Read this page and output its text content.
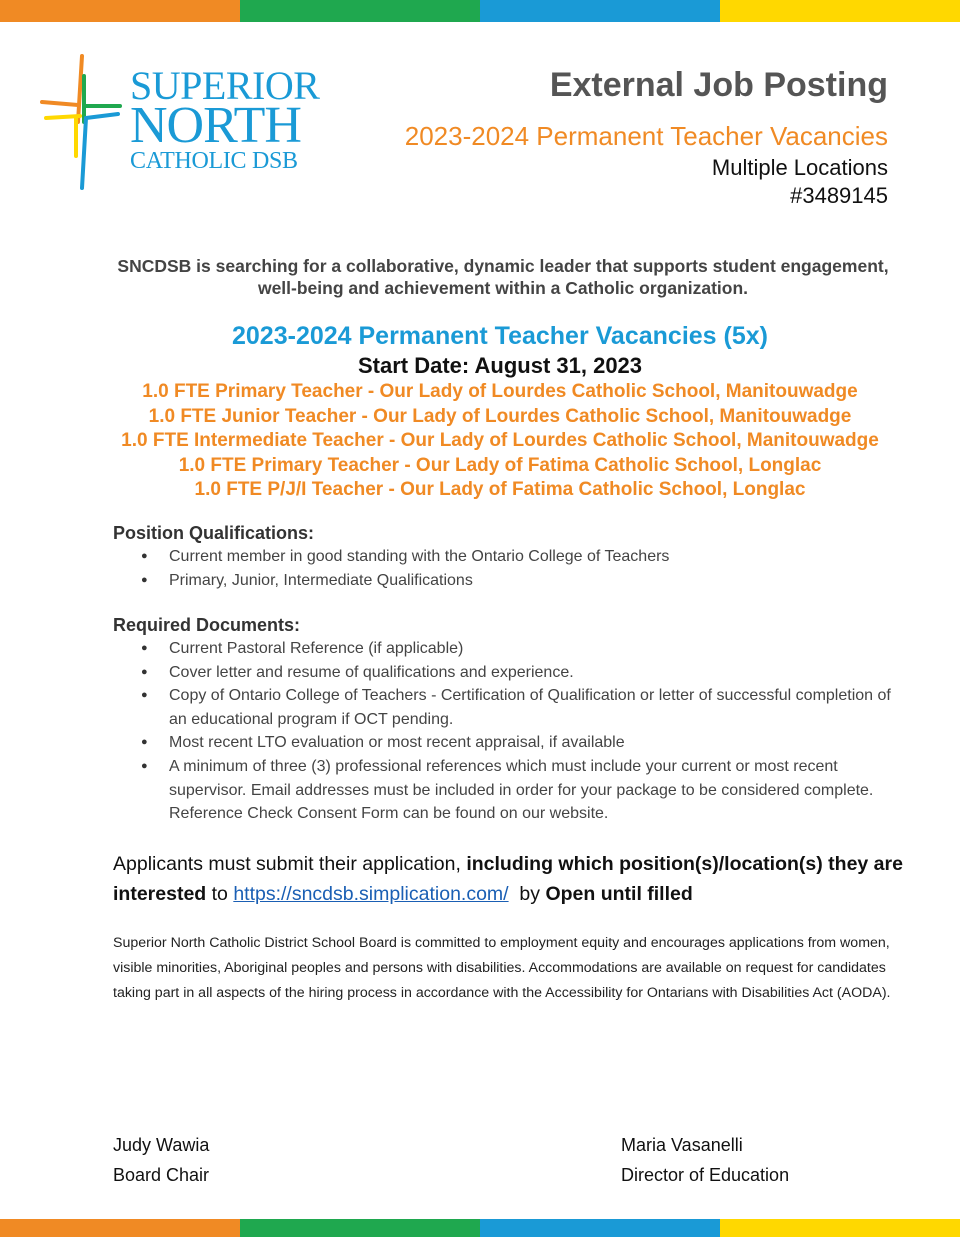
SUPERIOR
NORTH
CATHOLIC DSB
External Job Posting
2023-2024 Permanent Teacher Vacancies
Multiple Locations
#3489145
SNCDSB is searching for a collaborative, dynamic leader that supports student engagement, well-being and achievement within a Catholic organization.
2023-2024 Permanent Teacher Vacancies (5x)
Start Date: August 31, 2023
1.0 FTE Primary Teacher - Our Lady of Lourdes Catholic School, Manitouwadge
1.0 FTE Junior Teacher - Our Lady of Lourdes Catholic School, Manitouwadge
1.0 FTE Intermediate Teacher - Our Lady of Lourdes Catholic School, Manitouwadge
1.0 FTE Primary Teacher - Our Lady of Fatima Catholic School, Longlac
1.0 FTE P/J/I Teacher - Our Lady of Fatima Catholic School, Longlac
Position Qualifications:
● Current member in good standing with the Ontario College of Teachers
● Primary, Junior, Intermediate Qualifications
Required Documents:
● Current Pastoral Reference (if applicable)
● Cover letter and resume of qualifications and experience.
● Copy of Ontario College of Teachers - Certification of Qualification or letter of successful completion of an educational program if OCT pending.
● Most recent LTO evaluation or most recent appraisal, if available
● A minimum of three (3) professional references which must include your current or most recent supervisor. Email addresses must be included in order for your package to be considered complete. Reference Check Consent Form can be found on our website.
Applicants must submit their application, including which position(s)/location(s) they are interested to https://sncdsb.simplication.com/  by Open until filled
Superior North Catholic District School Board is committed to employment equity and encourages applications from women, visible minorities, Aboriginal peoples and persons with disabilities. Accommodations are available on request for candidates taking part in all aspects of the hiring process in accordance with the Accessibility for Ontarians with Disabilities Act (AODA).
Judy Wawia
Board Chair
Maria Vasanelli
Director of Education
